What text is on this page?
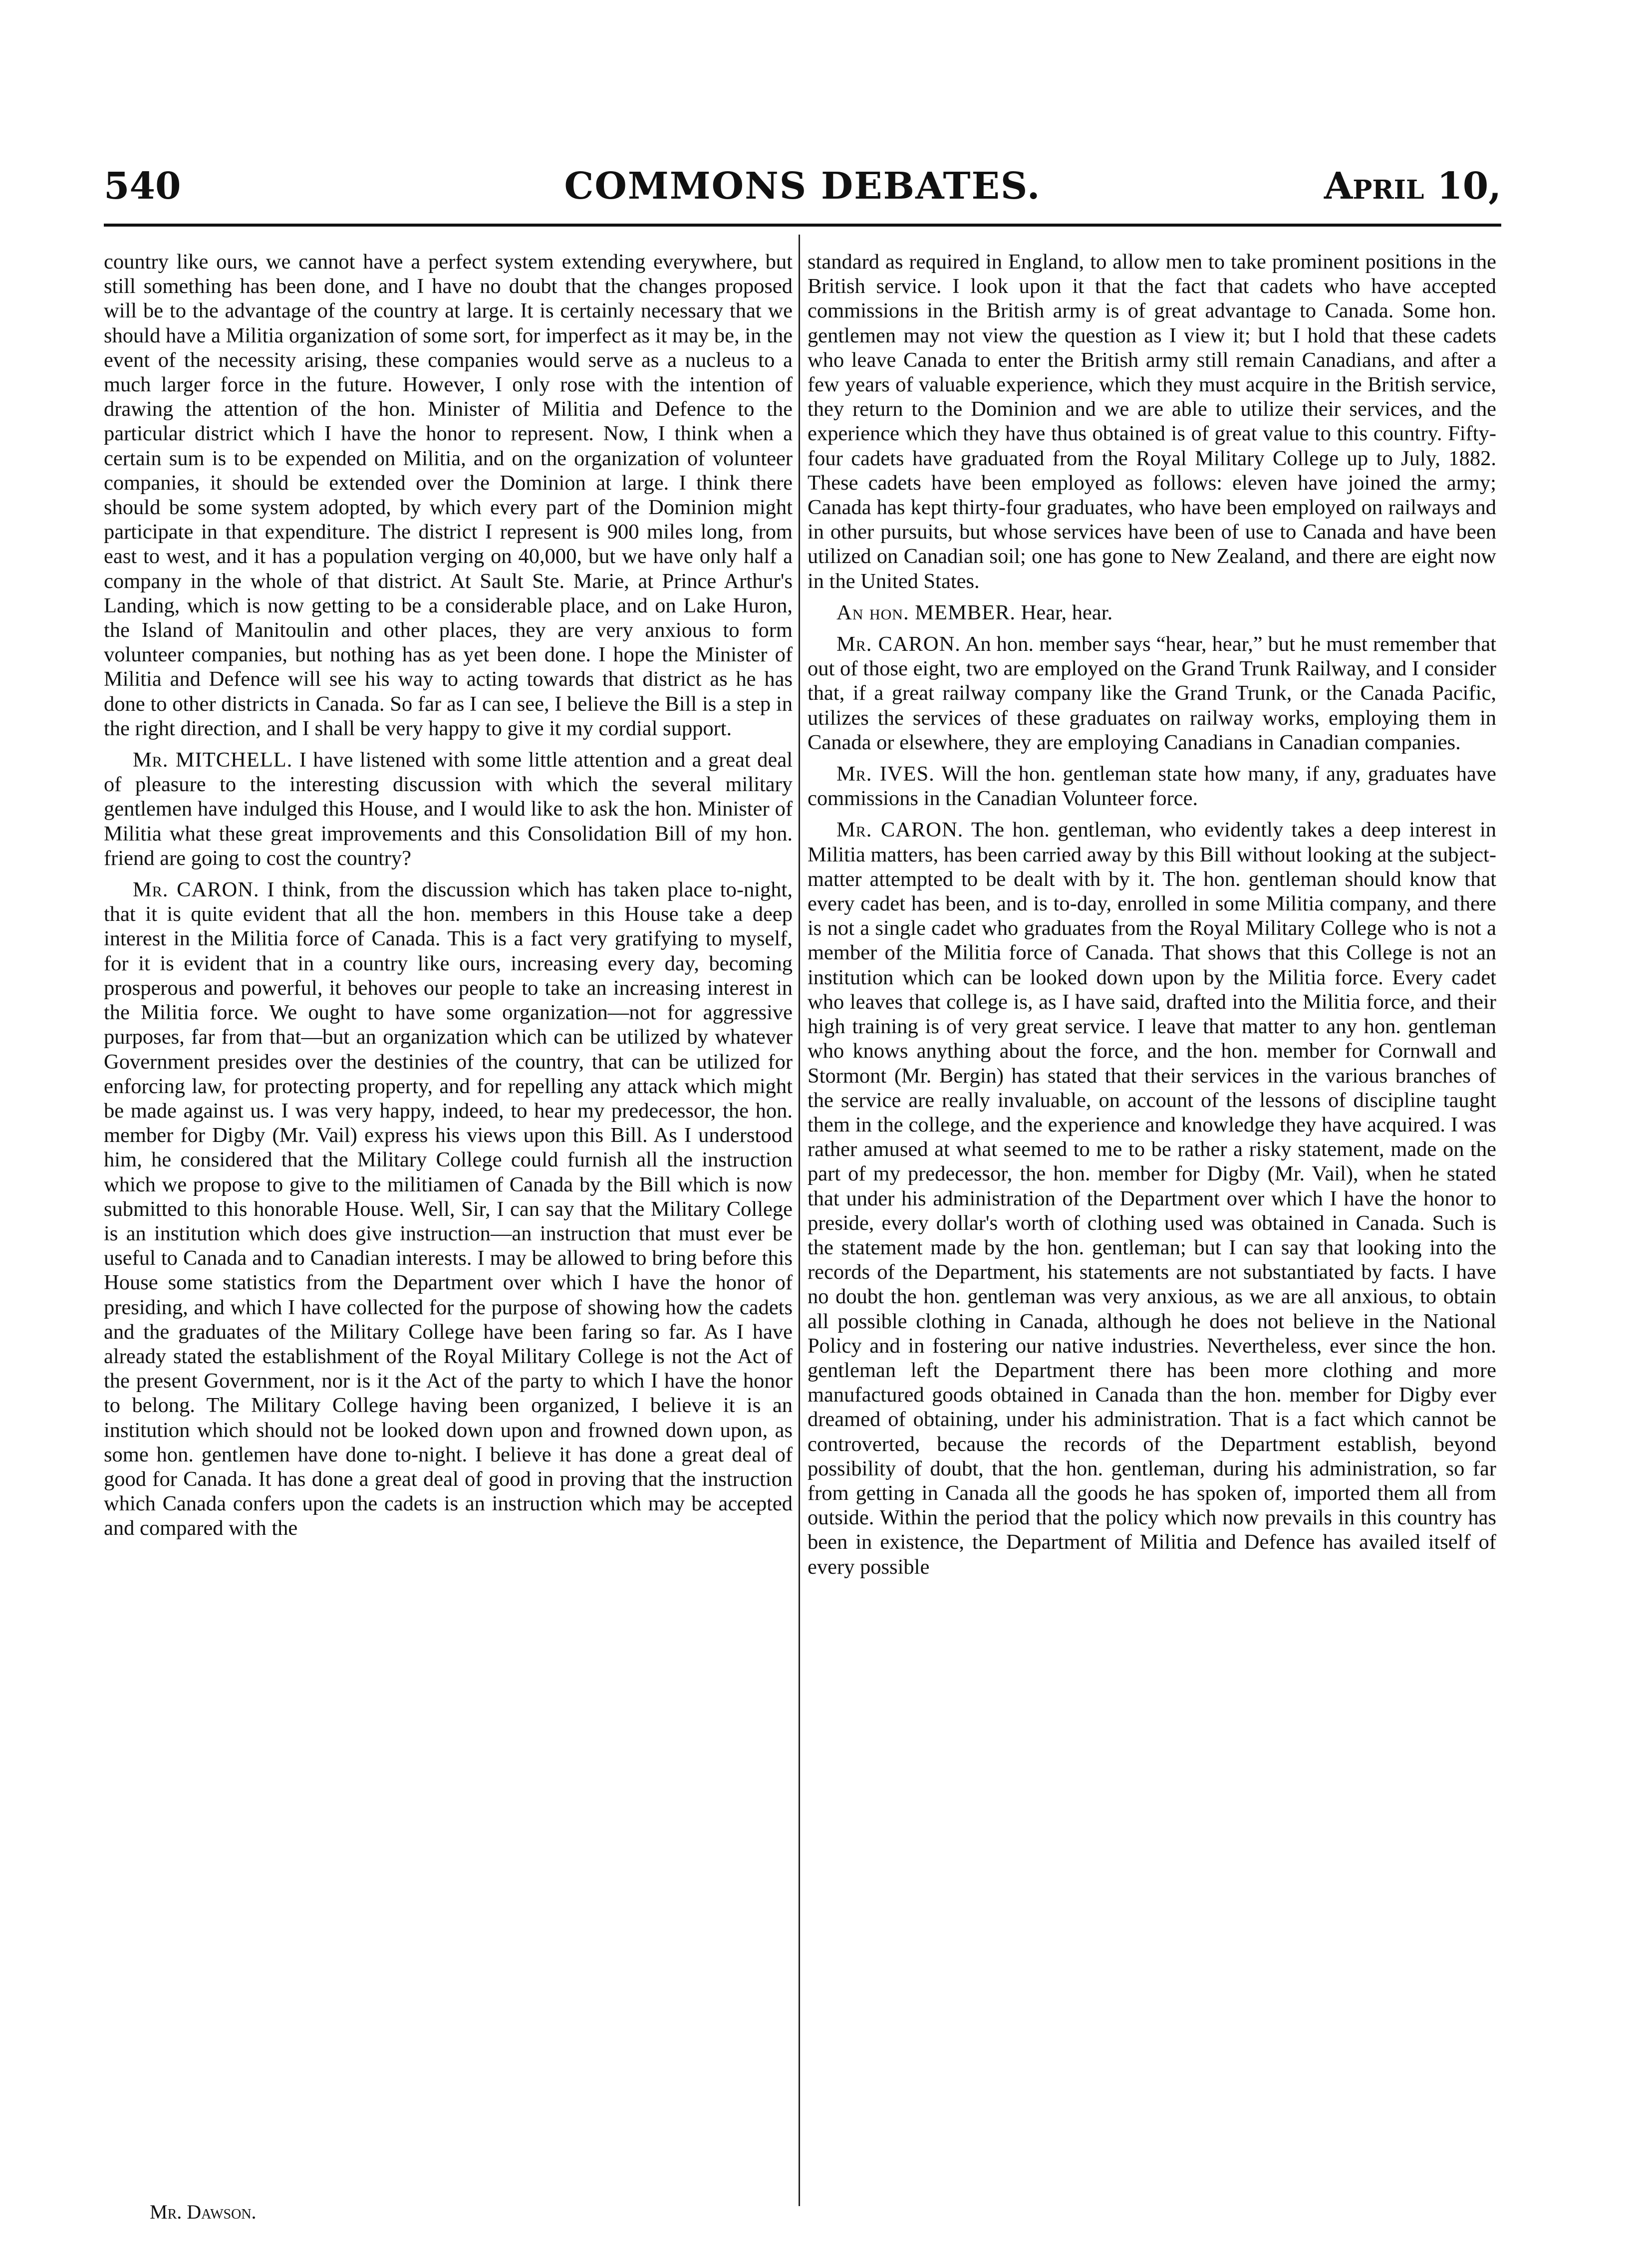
540	COMMONS DEBATES.	April 10,

country like ours, we cannot have a perfect system extending everywhere, but still something has been done, and I have no doubt that the changes proposed will be to the advantage of the country at large. It is certainly necessary that we should have a Militia organization of some sort, for imperfect as it may be, in the event of the necessity arising, these companies would serve as a nucleus to a much larger force in the future. However, I only rose with the intention of drawing the attention of the hon. Minister of Militia and Defence to the particular district which I have the honor to represent. Now, I think when a certain sum is to be expended on Militia, and on the organization of volunteer companies, it should be extended over the Dominion at large. I think there should be some system adopted, by which every part of the Dominion might participate in that expenditure. The district I represent is 900 miles long, from east to west, and it has a population verging on 40,000, but we have only half a company in the whole of that district. At Sault Ste. Marie, at Prince Arthur's Landing, which is now getting to be a considerable place, and on Lake Huron, the Island of Manitoulin and other places, they are very anxious to form volunteer companies, but nothing has as yet been done. I hope the Minister of Militia and Defence will see his way to acting towards that district as he has done to other districts in Canada. So far as I can see, I believe the Bill is a step in the right direction, and I shall be very happy to give it my cordial support.

Mr. MITCHELL. I have listened with some little attention and a great deal of pleasure to the interesting discussion with which the several military gentlemen have indulged this House, and I would like to ask the hon. Minister of Militia what these great improvements and this Consolidation Bill of my hon. friend are going to cost the country?

Mr. CARON. I think, from the discussion which has taken place to-night, that it is quite evident that all the hon. members in this House take a deep interest in the Militia force of Canada. This is a fact very gratifying to myself, for it is evident that in a country like ours, increasing every day, becoming prosperous and powerful, it behoves our people to take an increasing interest in the Militia force. We ought to have some organization—not for aggressive purposes, far from that—but an organization which can be utilized by whatever Government presides over the destinies of the country, that can be utilized for enforcing law, for protecting property, and for repelling any attack which might be made against us. I was very happy, indeed, to hear my predecessor, the hon. member for Digby (Mr. Vail) express his views upon this Bill. As I understood him, he considered that the Military College could furnish all the instruction which we propose to give to the militiamen of Canada by the Bill which is now submitted to this honorable House. Well, Sir, I can say that the Military College is an institution which does give instruction—an instruction that must ever be useful to Canada and to Canadian interests. I may be allowed to bring before this House some statistics from the Department over which I have the honor of presiding, and which I have collected for the purpose of showing how the cadets and the graduates of the Military College have been faring so far. As I have already stated the establishment of the Royal Military College is not the Act of the present Government, nor is it the Act of the party to which I have the honor to belong. The Military College having been organized, I believe it is an institution which should not be looked down upon and frowned down upon, as some hon. gentlemen have done to-night. I believe it has done a great deal of good for Canada. It has done a great deal of good in proving that the instruction which Canada confers upon the cadets is an instruction which may be accepted and compared with the

standard as required in England, to allow men to take prominent positions in the British service. I look upon it that the fact that cadets who have accepted commissions in the British army is of great advantage to Canada. Some hon. gentlemen may not view the question as I view it; but I hold that these cadets who leave Canada to enter the British army still remain Canadians, and after a few years of valuable experience, which they must acquire in the British service, they return to the Dominion and we are able to utilize their services, and the experience which they have thus obtained is of great value to this country. Fifty-four cadets have graduated from the Royal Military College up to July, 1882. These cadets have been employed as follows: eleven have joined the army; Canada has kept thirty-four graduates, who have been employed on railways and in other pursuits, but whose services have been of use to Canada and have been utilized on Canadian soil; one has gone to New Zealand, and there are eight now in the United States.

An hon. MEMBER. Hear, hear.

Mr. CARON. An hon. member says “hear, hear,” but he must remember that out of those eight, two are employed on the Grand Trunk Railway, and I consider that, if a great railway company like the Grand Trunk, or the Canada Pacific, utilizes the services of these graduates on railway works, employing them in Canada or elsewhere, they are employing Canadians in Canadian companies.

Mr. IVES. Will the hon. gentleman state how many, if any, graduates have commissions in the Canadian Volunteer force.

Mr. CARON. The hon. gentleman, who evidently takes a deep interest in Militia matters, has been carried away by this Bill without looking at the subject-matter attempted to be dealt with by it. The hon. gentleman should know that every cadet has been, and is to-day, enrolled in some Militia company, and there is not a single cadet who graduates from the Royal Military College who is not a member of the Militia force of Canada. That shows that this College is not an institution which can be looked down upon by the Militia force. Every cadet who leaves that college is, as I have said, drafted into the Militia force, and their high training is of very great service. I leave that matter to any hon. gentleman who knows anything about the force, and the hon. member for Cornwall and Stormont (Mr. Bergin) has stated that their services in the various branches of the service are really invaluable, on account of the lessons of discipline taught them in the college, and the experience and knowledge they have acquired. I was rather amused at what seemed to me to be rather a risky statement, made on the part of my predecessor, the hon. member for Digby (Mr. Vail), when he stated that under his administration of the Department over which I have the honor to preside, every dollar's worth of clothing used was obtained in Canada. Such is the statement made by the hon. gentleman; but I can say that looking into the records of the Department, his statements are not substantiated by facts. I have no doubt the hon. gentleman was very anxious, as we are all anxious, to obtain all possible clothing in Canada, although he does not believe in the National Policy and in fostering our native industries. Nevertheless, ever since the hon. gentleman left the Department there has been more clothing and more manufactured goods obtained in Canada than the hon. member for Digby ever dreamed of obtaining, under his administration. That is a fact which cannot be controverted, because the records of the Department establish, beyond possibility of doubt, that the hon. gentleman, during his administration, so far from getting in Canada all the goods he has spoken of, imported them all from outside. Within the period that the policy which now prevails in this country has been in existence, the Department of Militia and Defence has availed itself of every possible

Mr. Dawson.
